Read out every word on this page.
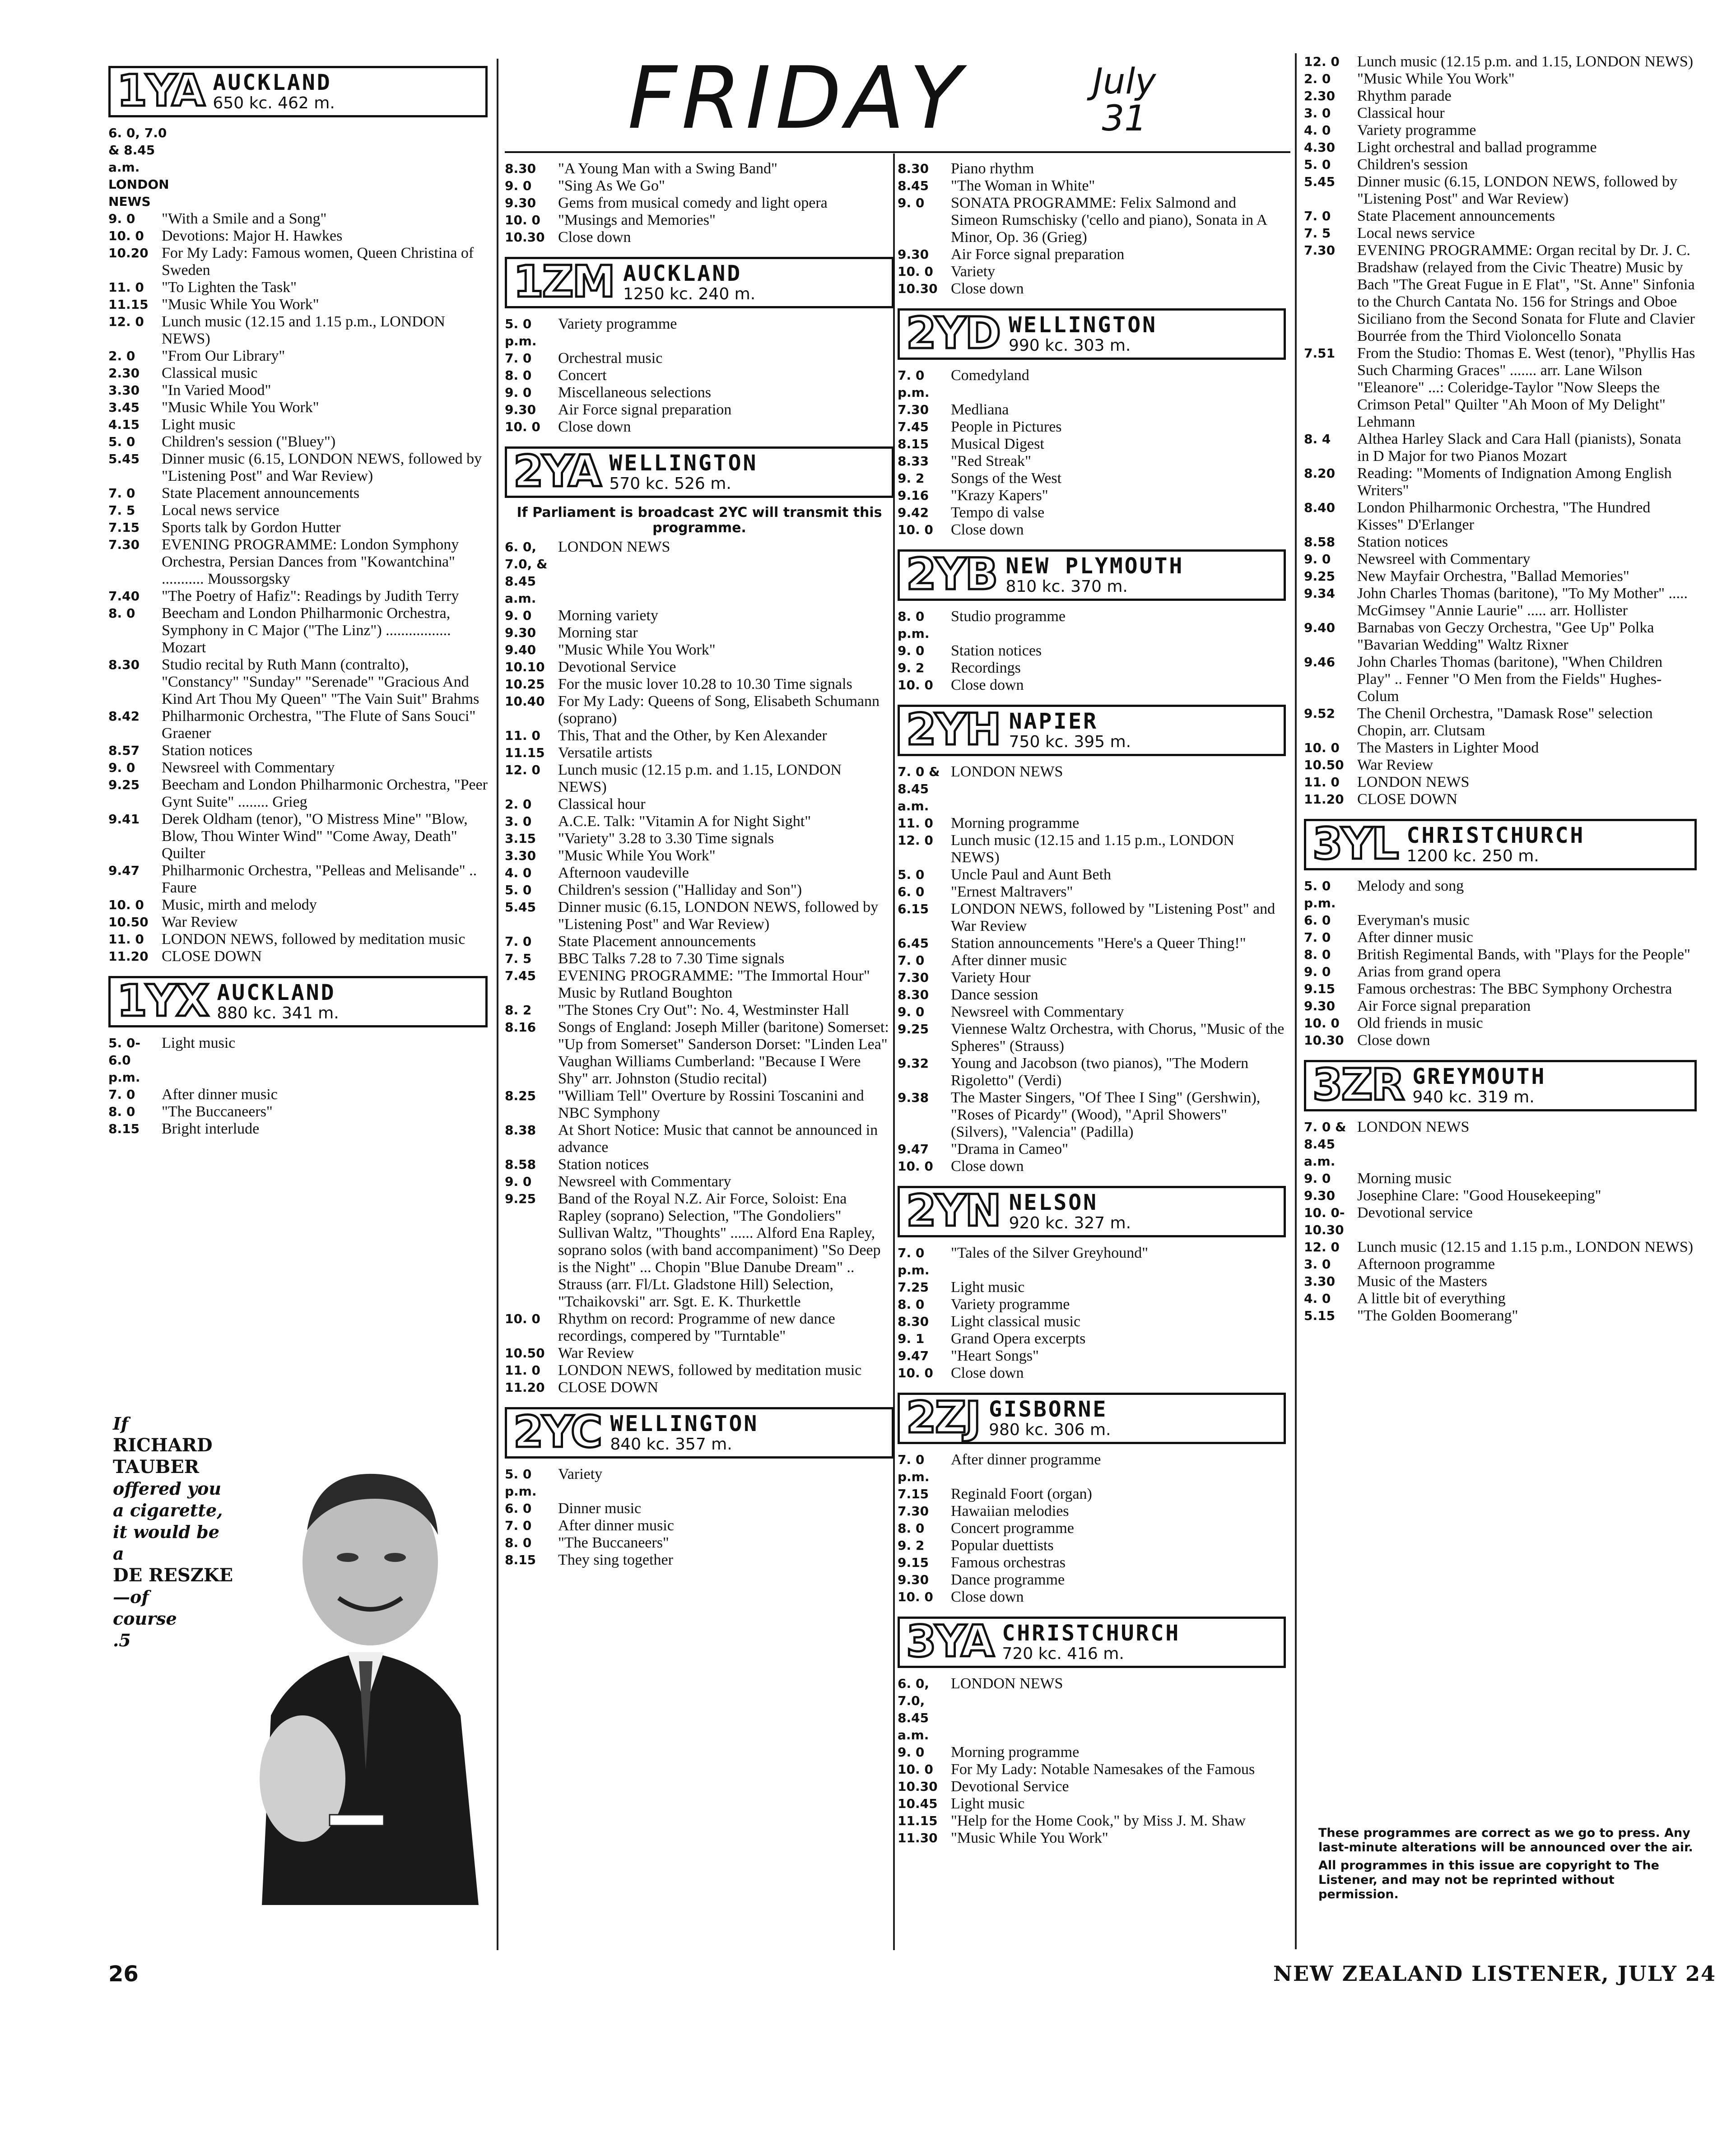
FRIDAY	July
31
1YA AUCKLAND
650 kc. 462 m.
6. 0, 7.0 & 8.45 a.m. LONDON NEWS
9. 0	"With a Smile and a Song"
10. 0	Devotions: Major H. Hawkes
10.20 For My Lady: Famous women, Queen Christina of Sweden
11. 0	"To Lighten the Task"
11.15 "Music While You Work"
12. 0	Lunch music (12.15 and 1.15 p.m., LONDON NEWS)
2. 0	"From Our Library"
2.30	Classical music
3.30	"In Varied Mood"
3.45	"Music While You Work"
4.15	Light music
5. 0	Children's session ("Bluey")
5.45	Dinner music (6.15, LONDON NEWS, followed by "Listening Post" and War Review)
7. 0	State Placement announcements
7. 5	Local news service
7.15	Sports talk by Gordon Hutter
7.30	EVENING PROGRAMME: London Symphony Orchestra, Persian Dances from "Kowantchina" ........... Moussorgsky
7.40	"The Poetry of Hafiz": Readings by Judith Terry
8. 0	Beecham and London Philharmonic Orchestra, Symphony in C Major ("The Linz") ................. Mozart
8.30	Studio recital by Ruth Mann (contralto), "Constancy" "Sunday" "Serenade" "Gracious And Kind Art Thou My Queen" "The Vain Suit" Brahms
8.42	Philharmonic Orchestra, "The Flute of Sans Souci" Graener
8.57	Station notices
9. 0	Newsreel with Commentary
9.25	Beecham and London Philharmonic Orchestra, "Peer Gynt Suite" ........ Grieg
9.41	Derek Oldham (tenor), "O Mistress Mine" "Blow, Blow, Thou Winter Wind" "Come Away, Death" Quilter
9.47	Philharmonic Orchestra, "Pelleas and Melisande" .. Faure
10. 0	Music, mirth and melody
10.50 War Review
11. 0	LONDON NEWS, followed by meditation music
11.20 CLOSE DOWN
1YX AUCKLAND
880 kc. 341 m.
5. 0-6.0 p.m.
Light music
7. 0	After dinner music
8. 0	"The Buccaneers"
8.15	Bright interlude
8.30	"A Young Man with a Swing Band"
9. 0	"Sing As We Go"
9.30	Gems from musical comedy and light opera
10. 0	"Musings and Memories"
10.30 Close down
1ZM AUCKLAND
1250 kc. 240 m.
5. 0 p.m.
Variety programme
7. 0	Orchestral music
8. 0	Concert
9. 0	Miscellaneous selections
9.30	Air Force signal preparation
10. 0	Close down
2YA WELLINGTON
570 kc. 526 m.
If Parliament is broadcast 2YC will transmit this programme.
6. 0, 7.0, & 8.45 a.m.
LONDON NEWS
9. 0	Morning variety
9.30	Morning star
9.40	"Music While You Work"
10.10 Devotional Service
10.25 For the music lover 10.28 to 10.30 Time signals
10.40 For My Lady: Queens of Song, Elisabeth Schumann (soprano)
11. 0	This, That and the Other, by Ken Alexander
11.15 Versatile artists
12. 0	Lunch music (12.15 p.m. and 1.15, LONDON NEWS)
2. 0	Classical hour
3. 0	A.C.E. Talk: "Vitamin A for Night Sight"
3.15	"Variety" 3.28 to 3.30 Time signals
3.30	"Music While You Work"
4. 0	Afternoon vaudeville
5. 0	Children's session ("Halliday and Son")
5.45	Dinner music (6.15, LONDON NEWS, followed by "Listening Post" and War Review)
7. 0	State Placement announcements
7. 5	BBC Talks 7.28 to 7.30 Time signals
7.45	EVENING PROGRAMME: "The Immortal Hour" Music by Rutland Boughton
8. 2	"The Stones Cry Out": No. 4, Westminster Hall
8.16	Songs of England: Joseph Miller (baritone) Somerset: "Up from Somerset" Sanderson Dorset: "Linden Lea" Vaughan Williams Cumberland: "Because I Were Shy" arr. Johnston (Studio recital)
8.25	"William Tell" Overture by Rossini Toscanini and NBC Symphony
8.38	At Short Notice: Music that cannot be announced in advance
8.58	Station notices
9. 0	Newsreel with Commentary
9.25	Band of the Royal N.Z. Air Force, Soloist: Ena Rapley (soprano) Selection, "The Gondoliers" Sullivan Waltz, "Thoughts" ...... Alford Ena Rapley, soprano solos (with band accompaniment) "So Deep is the Night" ... Chopin "Blue Danube Dream" .. Strauss (arr. Fl/Lt. Gladstone Hill) Selection, "Tchaikovski" arr. Sgt. E. K. Thurkettle
10. 0	Rhythm on record: Programme of new dance recordings, compered by "Turntable"
10.50 War Review
11. 0	LONDON NEWS, followed by meditation music
11.20 CLOSE DOWN
2YC WELLINGTON
840 kc. 357 m.
5. 0 p.m.
Variety
6. 0	Dinner music
7. 0	After dinner music
8. 0	"The Buccaneers"
8.15	They sing together
8.30	Piano rhythm
8.45	"The Woman in White"
9. 0	SONATA PROGRAMME: Felix Salmond and Simeon Rumschisky ('cello and piano), Sonata in A Minor, Op. 36 (Grieg)
9.30	Air Force signal preparation
10. 0	Variety
10.30 Close down
2YD WELLINGTON
990 kc. 303 m.
7. 0 p.m.
Comedyland
7.30	Medliana
7.45	People in Pictures
8.15	Musical Digest
8.33	"Red Streak"
9. 2	Songs of the West
9.16	"Krazy Kapers"
9.42	Tempo di valse
10. 0	Close down
2YB NEW PLYMOUTH
810 kc. 370 m.
8. 0 p.m.
Studio programme
9. 0	Station notices
9. 2	Recordings
10. 0	Close down
2YH NAPIER
750 kc. 395 m.
7. 0 & 8.45 a.m.
LONDON NEWS
11. 0	Morning programme
12. 0	Lunch music (12.15 and 1.15 p.m., LONDON NEWS)
5. 0	Uncle Paul and Aunt Beth
6. 0	"Ernest Maltravers"
6.15	LONDON NEWS, followed by "Listening Post" and War Review
6.45	Station announcements "Here's a Queer Thing!"
7. 0	After dinner music
7.30	Variety Hour
8.30	Dance session
9. 0	Newsreel with Commentary
9.25	Viennese Waltz Orchestra, with Chorus, "Music of the Spheres" (Strauss)
9.32	Young and Jacobson (two pianos), "The Modern Rigoletto" (Verdi)
9.38	The Master Singers, "Of Thee I Sing" (Gershwin), "Roses of Picardy" (Wood), "April Showers" (Silvers), "Valencia" (Padilla)
9.47	"Drama in Cameo"
10. 0	Close down
2YN NELSON
920 kc. 327 m.
7. 0 p.m.
"Tales of the Silver Greyhound"
7.25	Light music
8. 0	Variety programme
8.30	Light classical music
9. 1	Grand Opera excerpts
9.47	"Heart Songs"
10. 0	Close down
2ZJ GISBORNE
980 kc. 306 m.
7. 0 p.m.
After dinner programme
7.15	Reginald Foort (organ)
7.30	Hawaiian melodies
8. 0	Concert programme
9. 2	Popular duettists
9.15	Famous orchestras
9.30	Dance programme
10. 0	Close down
3YA CHRISTCHURCH
720 kc. 416 m.
6. 0, 7.0, 8.45 a.m.
LONDON NEWS
9. 0	Morning programme
10. 0	For My Lady: Notable Namesakes of the Famous
10.30 Devotional Service
10.45 Light music
11.15 "Help for the Home Cook," by Miss J. M. Shaw
11.30 "Music While You Work"
12. 0	Lunch music (12.15 p.m. and 1.15, LONDON NEWS)
2. 0	"Music While You Work"
2.30	Rhythm parade
3. 0	Classical hour
4. 0	Variety programme
4.30	Light orchestral and ballad programme
5. 0	Children's session
5.45	Dinner music (6.15, LONDON NEWS, followed by "Listening Post" and War Review)
7. 0	State Placement announcements
7. 5	Local news service
7.30	EVENING PROGRAMME: Organ recital by Dr. J. C. Bradshaw (relayed from the Civic Theatre) Music by Bach "The Great Fugue in E Flat", "St. Anne" Sinfonia to the Church Cantata No. 156 for Strings and Oboe Siciliano from the Second Sonata for Flute and Clavier Bourrée from the Third Violoncello Sonata
7.51	From the Studio: Thomas E. West (tenor), "Phyllis Has Such Charming Graces" ....... arr. Lane Wilson "Eleanore" ...: Coleridge-Taylor "Now Sleeps the Crimson Petal" Quilter "Ah Moon of My Delight" Lehmann
8. 4	Althea Harley Slack and Cara Hall (pianists), Sonata in D Major for two Pianos Mozart
8.20	Reading: "Moments of Indignation Among English Writers"
8.40	London Philharmonic Orchestra, "The Hundred Kisses" D'Erlanger
8.58	Station notices
9. 0	Newsreel with Commentary
9.25	New Mayfair Orchestra, "Ballad Memories"
9.34	John Charles Thomas (baritone), "To My Mother" ..... McGimsey "Annie Laurie" ..... arr. Hollister
9.40	Barnabas von Geczy Orchestra, "Gee Up" Polka "Bavarian Wedding" Waltz Rixner
9.46	John Charles Thomas (baritone), "When Children Play" .. Fenner "O Men from the Fields" Hughes-Colum
9.52	The Chenil Orchestra, "Damask Rose" selection Chopin, arr. Clutsam
10. 0	The Masters in Lighter Mood
10.50 War Review
11. 0	LONDON NEWS
11.20 CLOSE DOWN
3YL CHRISTCHURCH
1200 kc. 250 m.
5. 0 p.m.
Melody and song
6. 0	Everyman's music
7. 0	After dinner music
8. 0	British Regimental Bands, with "Plays for the People"
9. 0	Arias from grand opera
9.15	Famous orchestras: The BBC Symphony Orchestra
9.30	Air Force signal preparation
10. 0	Old friends in music
10.30 Close down
3ZR GREYMOUTH
940 kc. 319 m.
7. 0 & 8.45 a.m.
LONDON NEWS
9. 0	Morning music
9.30	Josephine Clare: "Good Housekeeping"
10. 0-10.30
Devotional service
12. 0	Lunch music (12.15 and 1.15 p.m., LONDON NEWS)
3. 0	Afternoon programme
3.30	Music of the Masters
4. 0	A little bit of everything
5.15	"The Golden Boomerang"
If
RICHARD
TAUBER
offered you
a cigarette,
it would be
a
DE RESZKE
—of
course
.5

These programmes are correct as we go to press. Any last-minute alterations will be announced over the air.

All programmes in this issue are copyright to The Listener, and may not be reprinted without permission.

26	NEW ZEALAND LISTENER, JULY 24
